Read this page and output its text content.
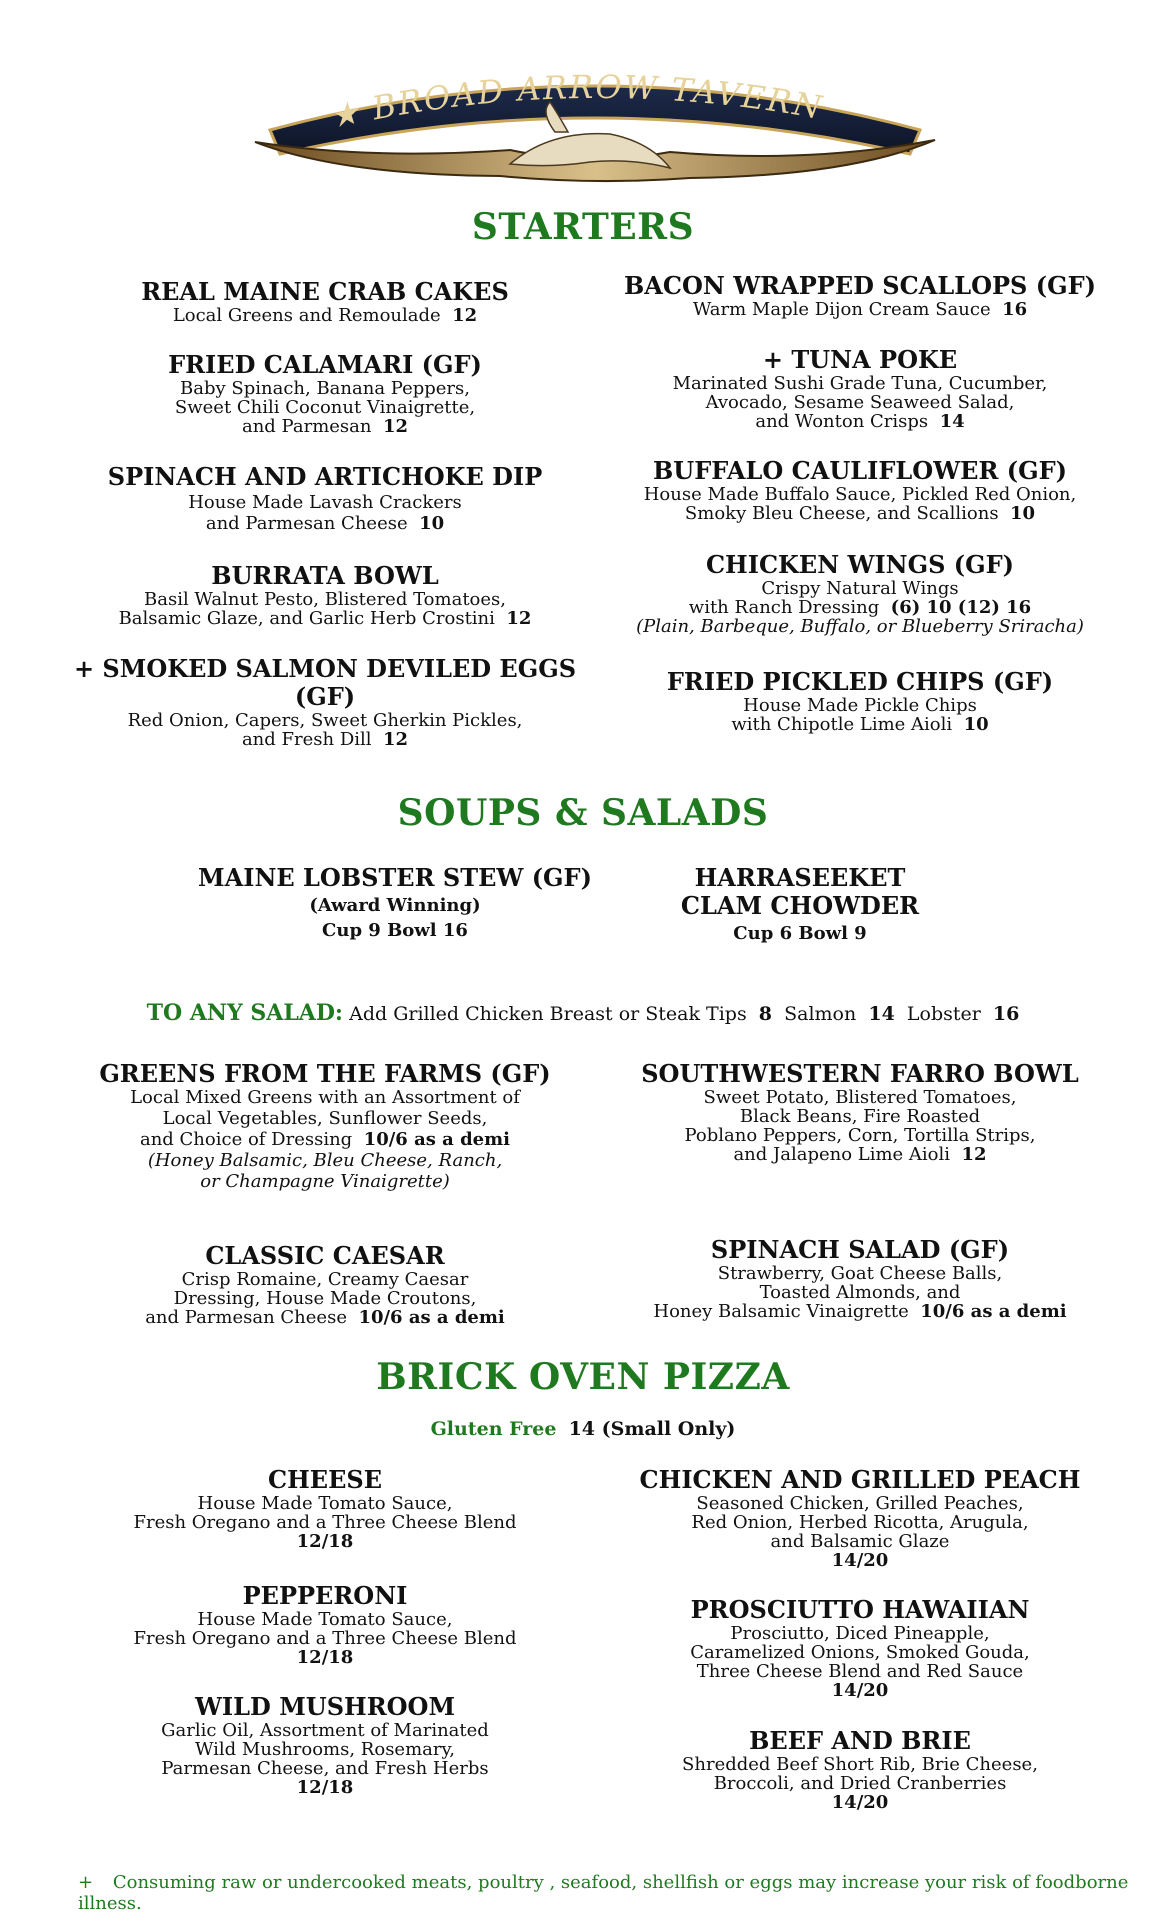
★ BROAD ARROW TAVERN
STARTERS
REAL MAINE CRAB CAKES
Local Greens and Remoulade 12
FRIED CALAMARI (GF)
Baby Spinach, Banana Peppers,
Sweet Chili Coconut Vinaigrette,
and Parmesan 12
SPINACH AND ARTICHOKE DIP
House Made Lavash Crackers
and Parmesan Cheese 10
BURRATA BOWL
Basil Walnut Pesto, Blistered Tomatoes,
Balsamic Glaze, and Garlic Herb Crostini 12
+ SMOKED SALMON DEVILED EGGS (GF)
Red Onion, Capers, Sweet Gherkin Pickles,
and Fresh Dill 12
BACON WRAPPED SCALLOPS (GF)
Warm Maple Dijon Cream Sauce 16
+ TUNA POKE
Marinated Sushi Grade Tuna, Cucumber,
Avocado, Sesame Seaweed Salad,
and Wonton Crisps 14
BUFFALO CAULIFLOWER (GF)
House Made Buffalo Sauce, Pickled Red Onion,
Smoky Bleu Cheese, and Scallions 10
CHICKEN WINGS (GF)
Crispy Natural Wings
with Ranch Dressing (6) 10 (12) 16
(Plain, Barbeque, Buffalo, or Blueberry Sriracha)
FRIED PICKLED CHIPS (GF)
House Made Pickle Chips
with Chipotle Lime Aioli 10
SOUPS & SALADS
MAINE LOBSTER STEW (GF)
(Award Winning)
Cup 9 Bowl 16
HARRASEEKET
CLAM CHOWDER
Cup 6 Bowl 9
TO ANY SALAD: Add Grilled Chicken Breast or Steak Tips 8 Salmon 14 Lobster 16
GREENS FROM THE FARMS (GF)
Local Mixed Greens with an Assortment of
Local Vegetables, Sunflower Seeds,
and Choice of Dressing 10/6 as a demi
(Honey Balsamic, Bleu Cheese, Ranch,
or Champagne Vinaigrette)
CLASSIC CAESAR
Crisp Romaine, Creamy Caesar
Dressing, House Made Croutons,
and Parmesan Cheese 10/6 as a demi
SOUTHWESTERN FARRO BOWL
Sweet Potato, Blistered Tomatoes,
Black Beans, Fire Roasted
Poblano Peppers, Corn, Tortilla Strips,
and Jalapeno Lime Aioli 12
SPINACH SALAD (GF)
Strawberry, Goat Cheese Balls,
Toasted Almonds, and
Honey Balsamic Vinaigrette 10/6 as a demi
BRICK OVEN PIZZA
Gluten Free 14 (Small Only)
CHEESE
House Made Tomato Sauce,
Fresh Oregano and a Three Cheese Blend
12/18
PEPPERONI
House Made Tomato Sauce,
Fresh Oregano and a Three Cheese Blend
12/18
WILD MUSHROOM
Garlic Oil, Assortment of Marinated
Wild Mushrooms, Rosemary,
Parmesan Cheese, and Fresh Herbs
12/18
CHICKEN AND GRILLED PEACH
Seasoned Chicken, Grilled Peaches,
Red Onion, Herbed Ricotta, Arugula,
and Balsamic Glaze
14/20
PROSCIUTTO HAWAIIAN
Prosciutto, Diced Pineapple,
Caramelized Onions, Smoked Gouda,
Three Cheese Blend and Red Sauce
14/20
BEEF AND BRIE
Shredded Beef Short Rib, Brie Cheese,
Broccoli, and Dried Cranberries
14/20
+ Consuming raw or undercooked meats, poultry , seafood, shellfish or eggs may increase your risk of foodborne illness.
